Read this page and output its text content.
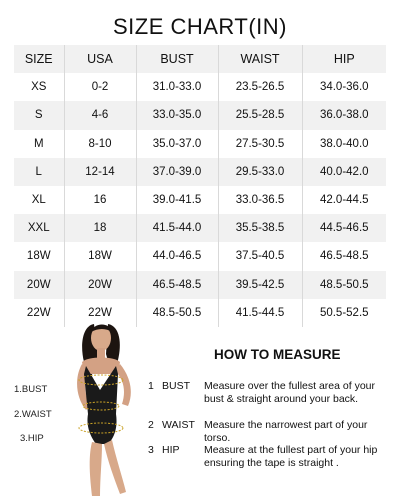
SIZE CHART(IN)
SIZE	USA	BUST	WAIST	HIP
XS	0-2	31.0-33.0	23.5-26.5	34.0-36.0
S	4-6	33.0-35.0	25.5-28.5	36.0-38.0
M	8-10	35.0-37.0	27.5-30.5	38.0-40.0
L	12-14	37.0-39.0	29.5-33.0	40.0-42.0
XL	16	39.0-41.5	33.0-36.5	42.0-44.5
XXL	18	41.5-44.0	35.5-38.5	44.5-46.5
18W	18W	44.0-46.5	37.5-40.5	46.5-48.5
20W	20W	46.5-48.5	39.5-42.5	48.5-50.5
22W	22W	48.5-50.5	41.5-44.5	50.5-52.5
1.BUST
2.WAIST
3.HIP
HOW TO MEASURE
1 BUST	Measure over the fullest area of your bust & straight around your back.
2 WAIST Measure the narrowest part of your torso.
3 HIP	Measure at the fullest part of your hip ensuring the tape is straight .
